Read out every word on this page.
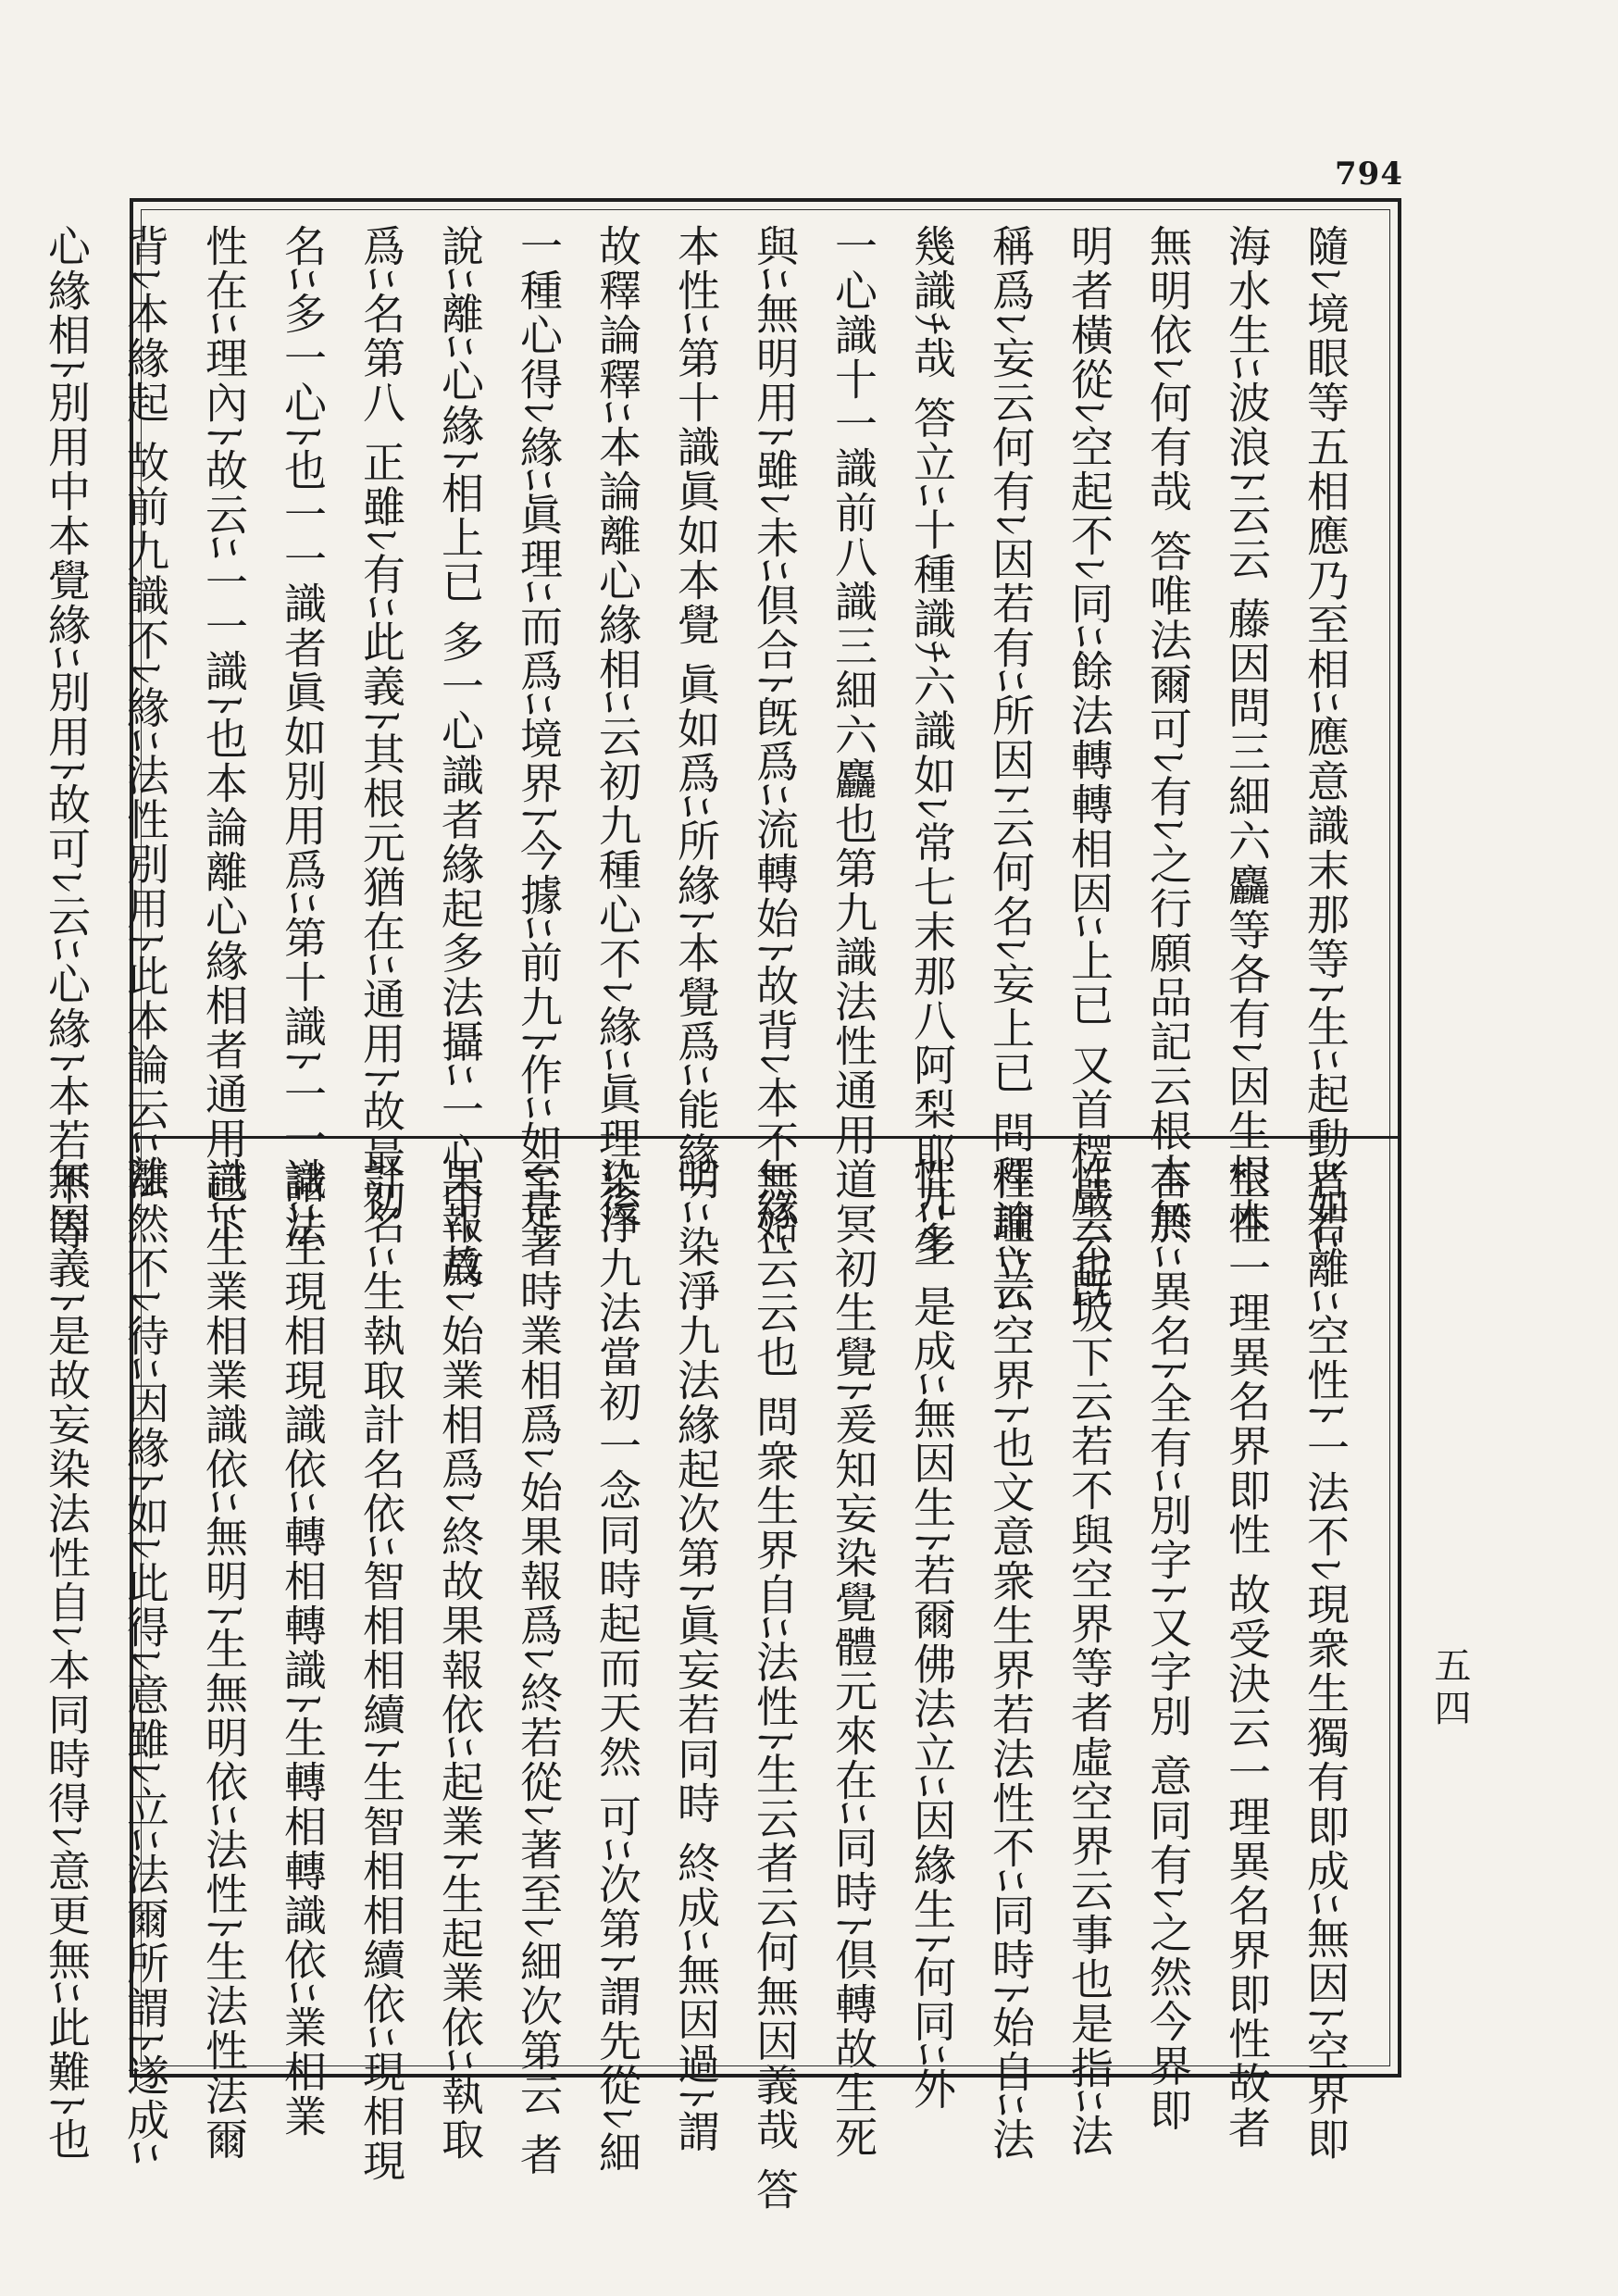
794

隨ﾚ境眼等五相應乃至相ﾆ應意識末那等ﾄ生ﾆ起動ﾆ如ﾆ

海水生ﾆ波浪ﾄ云云 藤因問三細六麤等各有ﾚ因生根本

無明依ﾚ何有哉 答唯法爾可ﾚ有ﾚ之行願品記云根本無

明者橫從ﾚ空起不ﾚ同ﾆ餘法轉轉相因ﾆ上已 又首楞嚴云旣

稱爲ﾚ妄云何有ﾚ因若有ﾆ所因ﾄ云何名ﾚ妄上已 問釋論立ﾆ

幾識ﾁ哉 答立ﾆ十種識ﾁ六識如ﾚ常七末那八阿梨耶九多

一心識十一識前八識三細六麤也第九識法性通用

與ﾆ無明用ﾄ雖ﾚ未ﾆ倶合ﾄ旣爲ﾆ流轉始ﾄ故背ﾚ本不ﾚ緣ﾆ

本性ﾆ第十識眞如本覺 眞如爲ﾆ所緣ﾄ本覺爲ﾆ能緣ﾄ

故釋論釋ﾆ本論離心緣相ﾆ云初九種心不ﾚ緣ﾆ眞理ﾆ後

一種心得ﾚ緣ﾆ眞理ﾆ而爲ﾆ境界ﾄ今據ﾆ前九ﾄ作ﾆ如ﾚ是

說ﾆ離ﾆ心緣ﾄ相上已 多一心識者緣起多法攝ﾆ一心中ﾆ故

爲ﾆ名第八 正雖ﾚ有ﾆ此義ﾄ其根元猶在ﾆ通用ﾄ故最初

名ﾆ多一心ﾄ也一一識者眞如別用爲ﾆ第十識ﾄ一一諸法

性在ﾆ理內ﾄ故云ﾆ一一識ﾄ也本論離心緣相者通用已下

背ﾚ本緣起 故前九識不ﾚ緣ﾆ法性別用ﾄ此本論云ﾆ離

心緣相ﾄ別用中本覺緣ﾆ別用ﾄ故可ﾚ云ﾆ心緣ﾄ本若不等

者若離ﾆ空性ﾄ一法不ﾚ現衆生獨有即成ﾆ無因ﾄ空界即

空性一理異名界即性 故受決云一理異名界即性故者

言於ﾆ異名ﾄ全有ﾆ別字ﾄ又字別 意同有ﾚ之然今界即

性云也坂下云若不與空界等者虛空界云事也是指ﾆ法

性理ﾆ云空界ﾄ也文意衆生界若法性不ﾆ同時ﾄ始自ﾆ法

性ﾆ生 是成ﾆ無因生ﾄ若爾佛法立ﾆ因緣生ﾄ何同ﾆ外

道冥初生覺ﾄ爰知妄染覺體元來在ﾆ同時ﾄ倶轉故生死

無始云云也 問衆生界自ﾆ法性ﾄ生云者云何無因義哉 答

明ﾆ染淨九法緣起次第ﾄ眞妄若同時 終成ﾆ無因過ﾄ謂

染淨九法當初一念同時起而天然 可ﾆ次第ﾄ謂先從ﾚ細

至ﾆ著時業相爲ﾚ始果報爲ﾚ終若從ﾚ著至ﾚ細次第云 者

果報爲ﾚ始業相爲ﾚ終故果報依ﾆ起業ﾄ生起業依ﾆ執取

計名ﾆ生執取計名依ﾆ智相相續ﾄ生智相相續依ﾆ現相現

識ﾆ生現相現識依ﾆ轉相轉識ﾄ生轉相轉識依ﾆ業相業

識ﾆ生業相業識依ﾆ無明ﾄ生無明依ﾆ法性ﾄ生法性法爾

法然不ﾚ待ﾆ因緣ﾄ如ﾚ此得ﾚ意雖ﾚ立ﾆ法爾所謂ﾄ遂成ﾆ

無因義ﾄ是故妄染法性自ﾚ本同時得ﾚ意更無ﾆ此難ﾄ也	五四
